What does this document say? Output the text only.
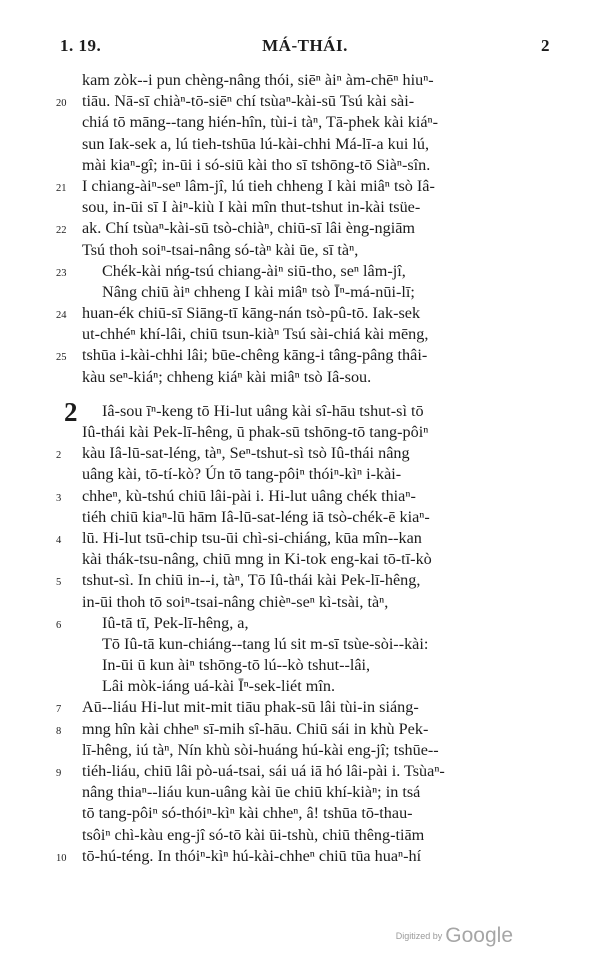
1. 19.	MÁ-THÁI.	2
kam zòk--i pun chèng-nâng thói, siēⁿ àiⁿ àm-chēⁿ hiuⁿ-
20 tiāu. Nā-sī chiàⁿ-tō-siēⁿ chí tsùaⁿ-kài-sū Tsú kài sài-
chiá tō māng--tang hién-hîn, tùi-i tàⁿ, Tā-phek kài kiáⁿ-
sun Iak-sek a, lú tieh-tshūa lú-kài-chhi Má-lī-a kui lú,
mài kiaⁿ-gî; in-ūi i só-siū kài tho sī tshōng-tō Siàⁿ-sîn.
21 I chiang-àiⁿ-seⁿ lâm-jî, lú tieh chheng I kài miâⁿ tsò Iâ-
sou, in-ūi sī I àiⁿ-kiù I kài mîn thut-tshut in-kài tsüe-
22 ak. Chí tsùaⁿ-kài-sū tsò-chiàⁿ, chiū-sī lâi èng-ngiām
Tsú thoh soiⁿ-tsai-nâng só-tàⁿ kài ūe, sī tàⁿ,
23	Chék-kài nńg-tsú chiang-àiⁿ siū-tho, seⁿ lâm-jî,
Nâng chiū àiⁿ chheng I kài miâⁿ tsò Īⁿ-má-nūi-lī;
24 huan-ék chiū-sī Siāng-tī kāng-nán tsò-pû-tō. Iak-sek
ut-chhéⁿ khí-lâi, chiū tsun-kiàⁿ Tsú sài-chiá kài mēng,
25 tshūa i-kài-chhi lâi; būe-chêng kāng-i tâng-pâng thâi-
kàu seⁿ-kiáⁿ; chheng kiáⁿ kài miâⁿ tsò Iâ-sou.
Iâ-sou īⁿ-keng tō Hi-lut uâng kài sî-hāu tshut-sì tō
2
Iû-thái kài Pek-lī-hêng, ū phak-sū tshōng-tō tang-pôiⁿ
2	kàu Iâ-lū-sat-léng, tàⁿ, Seⁿ-tshut-sì tsò Iû-thái nâng
uâng kài, tō-tí-kò? Ún tō tang-pôiⁿ thóiⁿ-kìⁿ i-kài-
3	chheⁿ, kù-tshú chiū lâi-pài i. Hi-lut uâng chék thiaⁿ-
tiéh chiū kiaⁿ-lū hām Iâ-lū-sat-léng iā tsò-chék-ē kiaⁿ-
4	lū. Hi-lut tsū-chip tsu-ūi chì-si-chiáng, kūa mîn--kan
kài thák-tsu-nâng, chiū mng in Ki-tok eng-kai tō-tī-kò
5	tshut-sì. In chiū in--i, tàⁿ, Tō Iû-thái kài Pek-lī-hêng,
in-ūi thoh tō soiⁿ-tsai-nâng chièⁿ-seⁿ kì-tsài, tàⁿ,
6	Iû-tā tī, Pek-lī-hêng, a,
Tō Iû-tā kun-chiáng--tang lú sit m-sī tsùe-sòi--kài:
In-ūi ū kun àiⁿ tshōng-tō lú--kò tshut--lâi,
Lâi mòk-iáng uá-kài Īⁿ-sek-liét mîn.
7	Aū--liáu Hi-lut mit-mit tiāu phak-sū lâi tùi-in siáng-
8	mng hîn kài chheⁿ sī-mih sî-hāu. Chiū sái in khù Pek-
lī-hêng, iú tàⁿ, Nín khù sòi-huáng hú-kài eng-jî; tshūe--
9	tiéh-liáu, chiū lâi pò-uá-tsai, sái uá iā hó lâi-pài i. Tsùaⁿ-
nâng thiaⁿ--liáu kun-uâng kài ūe chiū khí-kiàⁿ; in tsá
tō tang-pôiⁿ só-thóiⁿ-kìⁿ kài chheⁿ, â! tshūa tō-thau-
tsôiⁿ chì-kàu eng-jî só-tō kài ūi-tshù, chiū thêng-tiām
10 tō-hú-téng. In thóiⁿ-kìⁿ hú-kài-chheⁿ chiū tūa huaⁿ-hí
Digitized by Google
